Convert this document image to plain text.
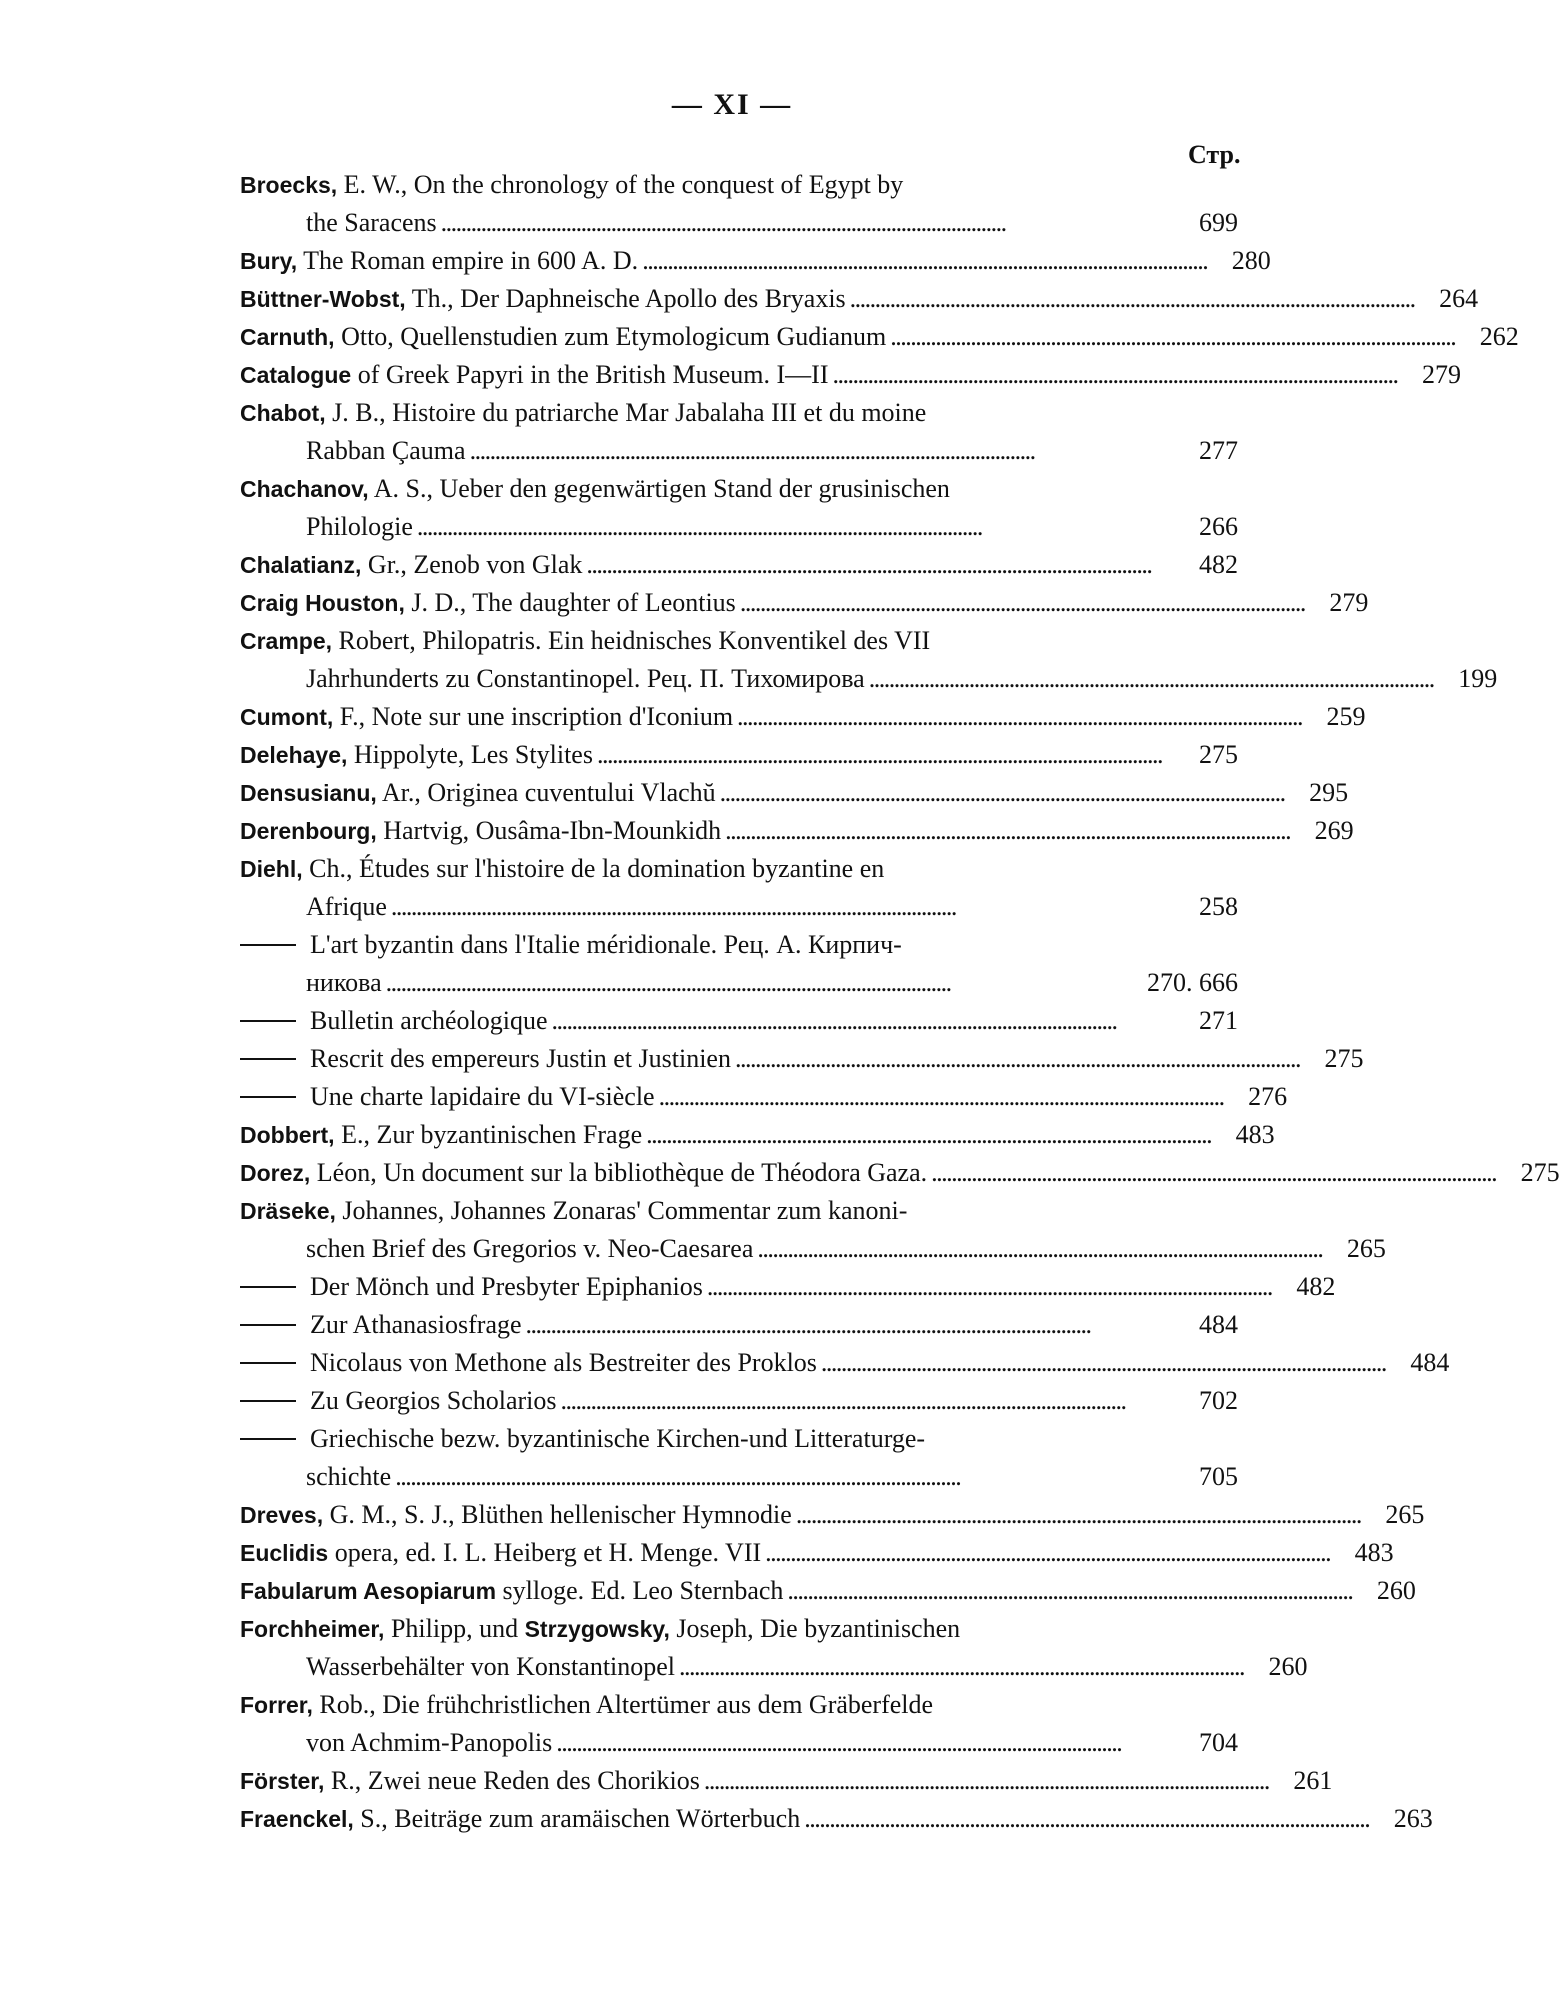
— XI —
Стр.
Broecks, E. W., On the chronology of the conquest of Egypt by
the Saracens . . .	699
Bury, The Roman empire in 600 A. D. . . .	280
Büttner-Wobst, Th., Der Daphneische Apollo des Bryaxis . . .	264
Carnuth, Otto, Quellenstudien zum Etymologicum Gudianum . . .	262
Catalogue of Greek Papyri in the British Museum. I—II . . .	279
Chabot, J. B., Histoire du patriarche Mar Jabalaha III et du moine
Rabban Çauma . . .	277
Chachanov, A. S., Ueber den gegenwärtigen Stand der grusinischen
Philologie . . .	266
Chalatianz, Gr., Zenob von Glak . . .	482
Craig Houston, J. D., The daughter of Leontius . . .	279
Crampe, Robert, Philopatris. Ein heidnisches Konventikel des VII
Jahrhunderts zu Constantinopel. Рец. П. Тихомирова . . .	199
Cumont, F., Note sur une inscription d'Iconium . . .	259
Delehaye, Hippolyte, Les Stylites . . .	275
Densusianu, Ar., Originea cuventului Vlachŭ . . .	295
Derenbourg, Hartvig, Ousâma-Ibn-Mounkidh . . .	269
Diehl, Ch., Études sur l'histoire de la domination byzantine en
Afrique . . .	258
L'art byzantin dans l'Italie méridionale. Рец. А. Кирпич-
никова . . .	270. 666
Bulletin archéologique . . .	271
Rescrit des empereurs Justin et Justinien . . .	275
Une charte lapidaire du VI-siècle . . .	276
Dobbert, E., Zur byzantinischen Frage . . .	483
Dorez, Léon, Un document sur la bibliothèque de Théodora Gaza. . . .	275
Dräseke, Johannes, Johannes Zonaras' Commentar zum kanoni-
schen Brief des Gregorios v. Neo-Caesarea . . .	265
Der Mönch und Presbyter Epiphanios . . .	482
Zur Athanasiosfrage . . .	484
Nicolaus von Methone als Bestreiter des Proklos . . .	484
Zu Georgios Scholarios . . .	702
Griechische bezw. byzantinische Kirchen-und Litteraturge-
schichte . . .	705
Dreves, G. M., S. J., Blüthen hellenischer Hymnodie . . .	265
Euclidis opera, ed. I. L. Heiberg et H. Menge. VII . . .	483
Fabularum Aesopiarum sylloge. Ed. Leo Sternbach . . .	260
Forchheimer, Philipp, und Strzygowsky, Joseph, Die byzantinischen
Wasserbehälter von Konstantinopel . . .	260
Forrer, Rob., Die frühchristlichen Altertümer aus dem Gräberfelde
von Achmim-Panopolis . . .	704
Förster, R., Zwei neue Reden des Chorikios . . .	261
Fraenckel, S., Beiträge zum aramäischen Wörterbuch . . .	263
